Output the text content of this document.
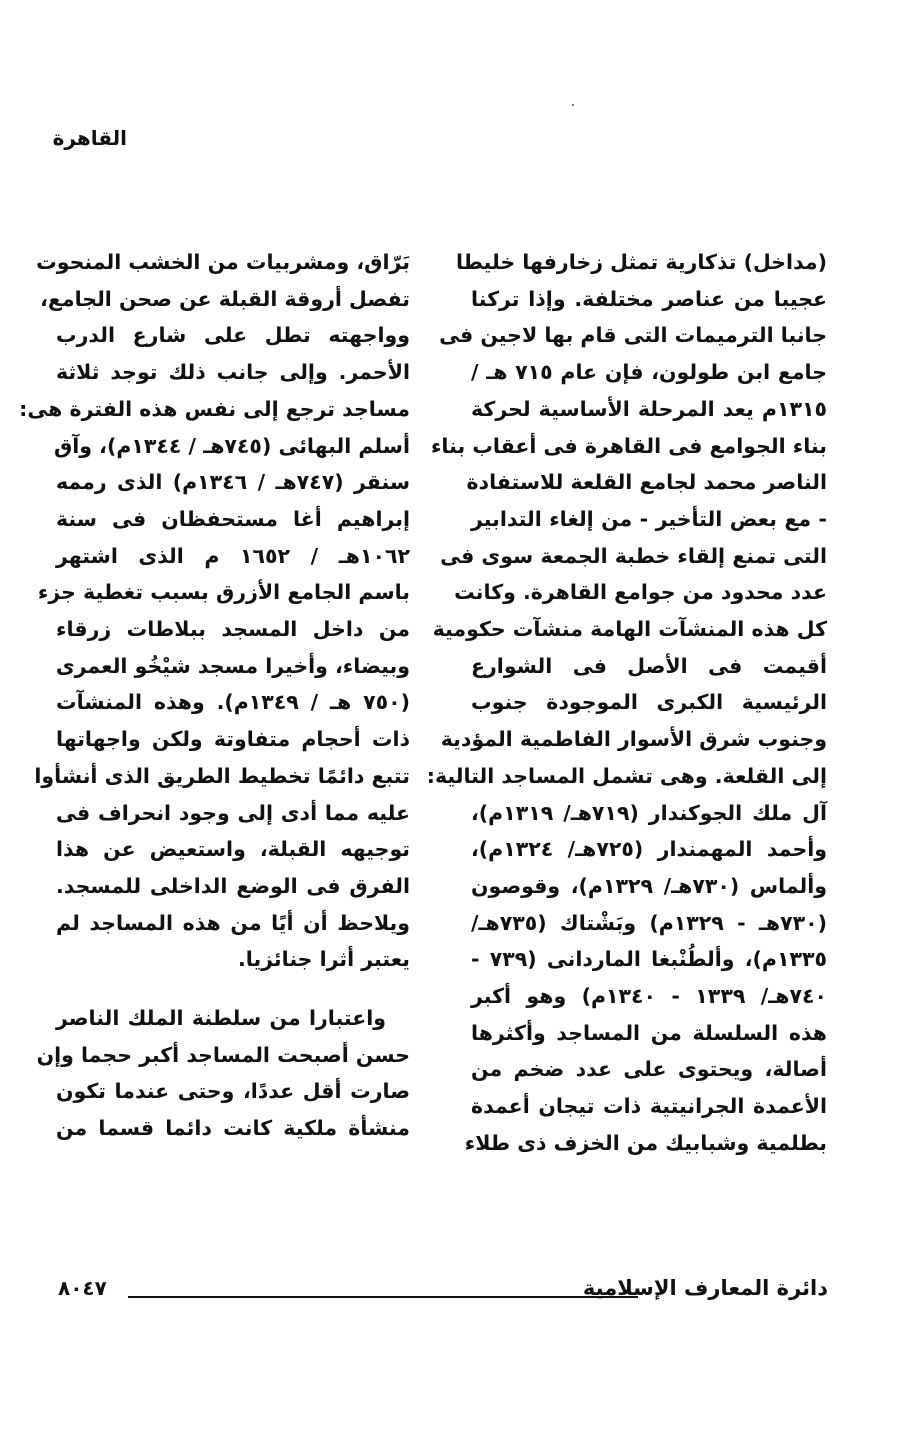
القاهرة

(مداخل) تذكارية تمثل زخارفها خليطا
عجيبا من عناصر مختلفة. وإذا تركنا
جانبا الترميمات التى قام بها لاجين فى
جامع ابن طولون، فإن عام ٧١٥ هـ /
١٣١٥م يعد المرحلة الأساسية لحركة
بناء الجوامع فى القاهرة فى أعقاب بناء
الناصر محمد لجامع القلعة للاستفادة
- مع بعض التأخير - من إلغاء التدابير
التى تمنع إلقاء خطبة الجمعة سوى فى
عدد محدود من جوامع القاهرة. وكانت
كل هذه المنشآت الهامة منشآت حكومية
أقيمت فى الأصل فى الشوارع
الرئيسية الكبرى الموجودة جنوب
وجنوب شرق الأسوار الفاطمية المؤدية
إلى القلعة. وهى تشمل المساجد التالية:
آل ملك الجوكندار (٧١٩هـ/ ١٣١٩م)،
وأحمد المهمندار (٧٢٥هـ/ ١٣٢٤م)،
وألماس (٧٣٠هـ/ ١٣٢٩م)، وقوصون
(٧٣٠هـ - ١٣٢٩م) وبَشْتاك (٧٣٥هـ/
١٣٣٥م)، وألطُنْبغا الماردانى (٧٣٩ -
٧٤٠هـ/ ١٣٣٩ - ١٣٤٠م) وهو أكبر
هذه السلسلة من المساجد وأكثرها
أصالة، ويحتوى على عدد ضخم من
الأعمدة الجرانيتية ذات تيجان أعمدة
بطلمية وشبابيك من الخزف ذى طلاء

بَرّاق، ومشربيات من الخشب المنحوت
تفصل أروقة القبلة عن صحن الجامع،
وواجهته تطل على شارع الدرب
الأحمر. وإلى جانب ذلك توجد ثلاثة
مساجد ترجع إلى نفس هذه الفترة هى:
أسلم البهائى (٧٤٥هـ / ١٣٤٤م)، وآق
سنقر (٧٤٧هـ / ١٣٤٦م) الذى رممه
إبراهيم أغا مستحفظان فى سنة
١٠٦٢هـ / ١٦٥٢ م الذى اشتهر
باسم الجامع الأزرق بسبب تغطية جزء
من داخل المسجد ببلاطات زرقاء
وبيضاء، وأخيرا مسجد شيْخُو العمرى
(٧٥٠ هـ / ١٣٤٩م). وهذه المنشآت
ذات أحجام متفاوتة ولكن واجهاتها
تتبع دائمًا تخطيط الطريق الذى أنشأوا
عليه مما أدى إلى وجود انحراف فى
توجيهه القبلة، واستعيض عن هذا
الفرق فى الوضع الداخلى للمسجد.
ويلاحظ أن أيًا من هذه المساجد لم
يعتبر أثرا جنائزيا.

واعتبارا من سلطنة الملك الناصر
حسن أصبحت المساجد أكبر حجما وإن
صارت أقل عددًا، وحتى عندما تكون
منشأة ملكية كانت دائما قسما من

دائرة المعارف الإسلامية
٨٠٤٧
